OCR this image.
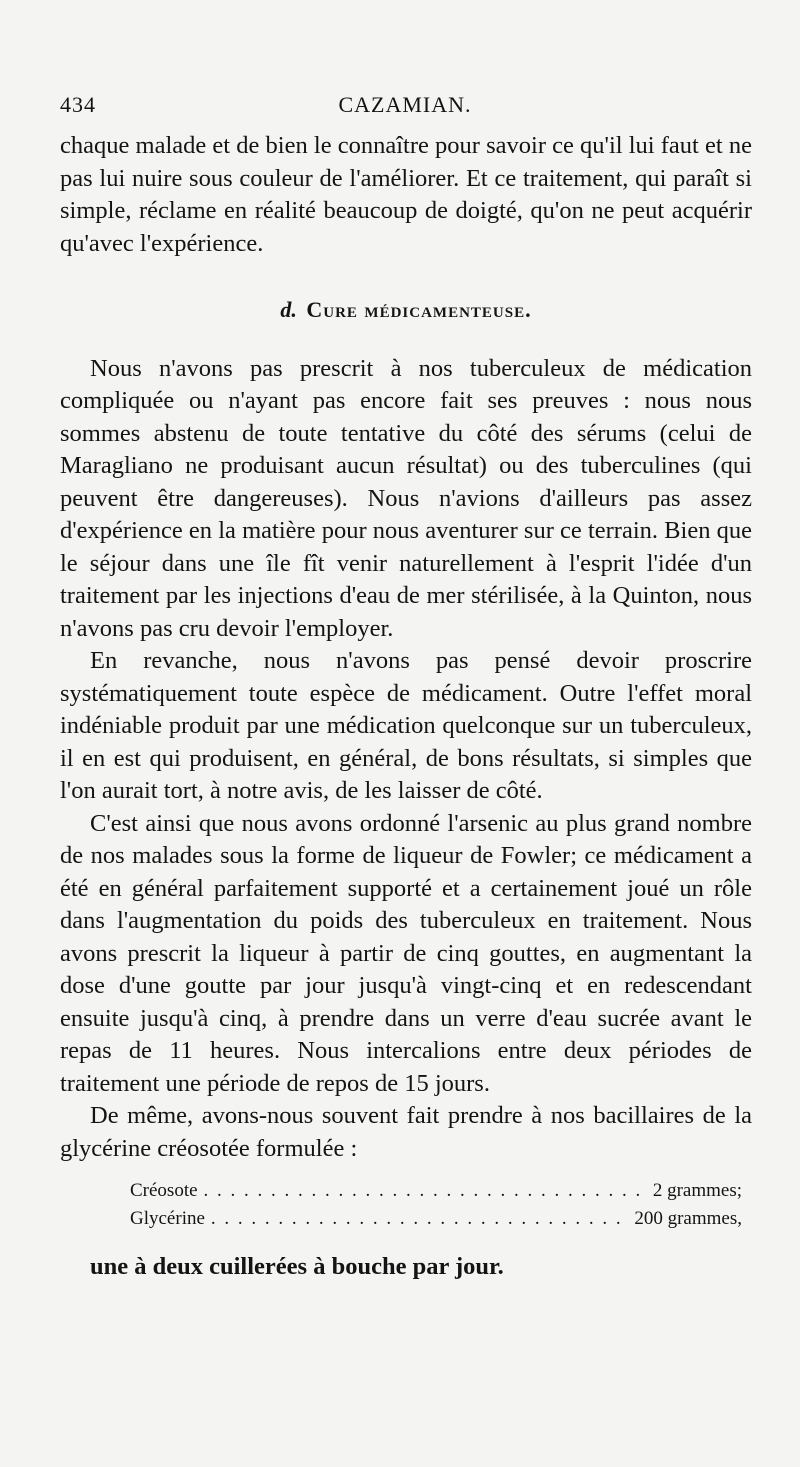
434	CAZAMIAN.

chaque malade et de bien le connaître pour savoir ce qu'il lui faut et ne pas lui nuire sous couleur de l'améliorer. Et ce traitement, qui paraît si simple, réclame en réalité beaucoup de doigté, qu'on ne peut acquérir qu'avec l'expérience.

d. Cure médicamenteuse.

Nous n'avons pas prescrit à nos tuberculeux de médication compliquée ou n'ayant pas encore fait ses preuves : nous nous sommes abstenu de toute tentative du côté des sérums (celui de Maragliano ne produisant aucun résultat) ou des tuberculines (qui peuvent être dangereuses). Nous n'avions d'ailleurs pas assez d'expérience en la matière pour nous aventurer sur ce terrain. Bien que le séjour dans une île fît venir naturellement à l'esprit l'idée d'un traitement par les injections d'eau de mer stérilisée, à la Quinton, nous n'avons pas cru devoir l'employer.

En revanche, nous n'avons pas pensé devoir proscrire systématiquement toute espèce de médicament. Outre l'effet moral indéniable produit par une médication quelconque sur un tuberculeux, il en est qui produisent, en général, de bons résultats, si simples que l'on aurait tort, à notre avis, de les laisser de côté.

C'est ainsi que nous avons ordonné l'arsenic au plus grand nombre de nos malades sous la forme de liqueur de Fowler; ce médicament a été en général parfaitement supporté et a certainement joué un rôle dans l'augmentation du poids des tuberculeux en traitement. Nous avons prescrit la liqueur à partir de cinq gouttes, en augmentant la dose d'une goutte par jour jusqu'à vingt-cinq et en redescendant ensuite jusqu'à cinq, à prendre dans un verre d'eau sucrée avant le repas de 11 heures. Nous intercalions entre deux périodes de traitement une période de repos de 15 jours.

De même, avons-nous souvent fait prendre à nos bacillaires de la glycérine créosotée formulée :

Créosote . . .	2 grammes;
Glycérine . . .	200 grammes,

une à deux cuillerées à bouche par jour.
